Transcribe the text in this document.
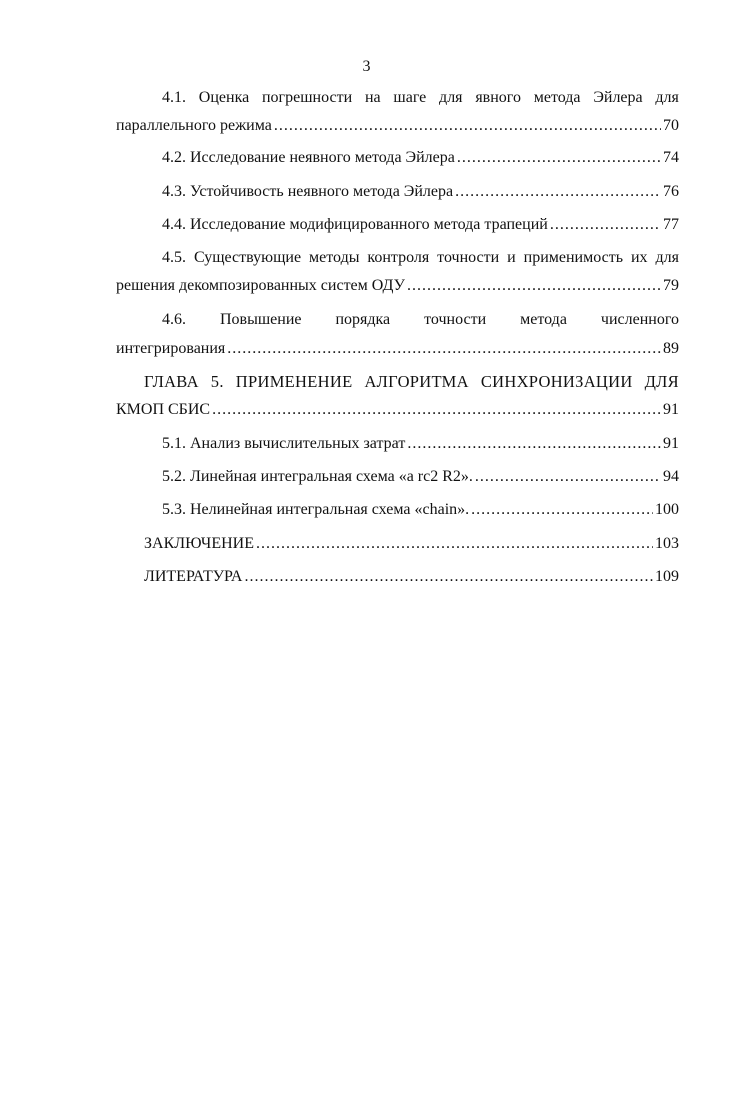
3
4.1. Оценка погрешности на шаге для явного метода Эйлера для
параллельного режима .....	70
4.2. Исследование неявного метода Эйлера .....	74
4.3. Устойчивость неявного метода Эйлера .....	76
4.4. Исследование модифицированного метода трапеций .....	77
4.5. Существующие методы контроля точности и применимость их для
решения декомпозированных систем ОДУ .....	79
4.6. Повышение порядка точности метода численного
интегрирования .....	89
ГЛАВА 5. ПРИМЕНЕНИЕ АЛГОРИТМА СИНХРОНИЗАЦИИ ДЛЯ
КМОП СБИС .....	91
5.1. Анализ вычислительных затрат .....	91
5.2. Линейная интегральная схема «a rc2 R2». .....	94
5.3. Нелинейная интегральная схема «chain». .....	100
ЗАКЛЮЧЕНИЕ .....	103
ЛИТЕРАТУРА .....	109
